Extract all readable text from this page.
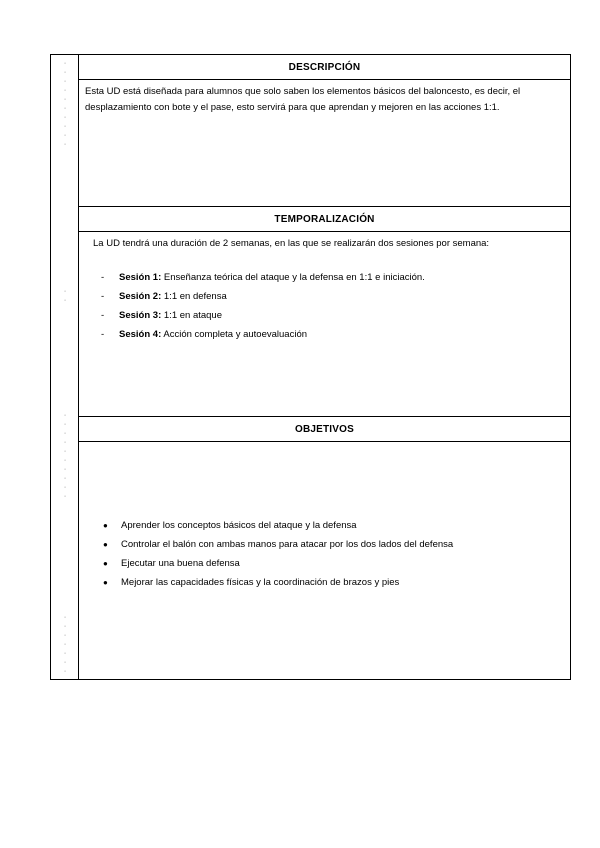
·
·
·
·
·
·
·
·
·
·
·
·
·
·
·
·
·
·
·
·
·
·
·
·
·
·
·
·
·
DESCRIPCIÓN
Esta UD está diseñada para alumnos que solo saben los elementos básicos del baloncesto, es decir, el desplazamiento con bote y el pase, esto servirá para que aprendan y mejoren en las acciones 1:1.
TEMPORALIZACIÓN
La UD tendrá una duración de 2 semanas, en las que se realizarán dos sesiones por semana:
- Sesión 1: Enseñanza teórica del ataque y la defensa en 1:1 e iniciación.
- Sesión 2: 1:1 en defensa
- Sesión 3: 1:1 en ataque
- Sesión 4: Acción completa y autoevaluación
OBJETIVOS
● Aprender los conceptos básicos del ataque y la defensa
● Controlar el balón con ambas manos para atacar por los dos lados del defensa
● Ejecutar una buena defensa
● Mejorar las capacidades físicas y la coordinación de brazos y pies
